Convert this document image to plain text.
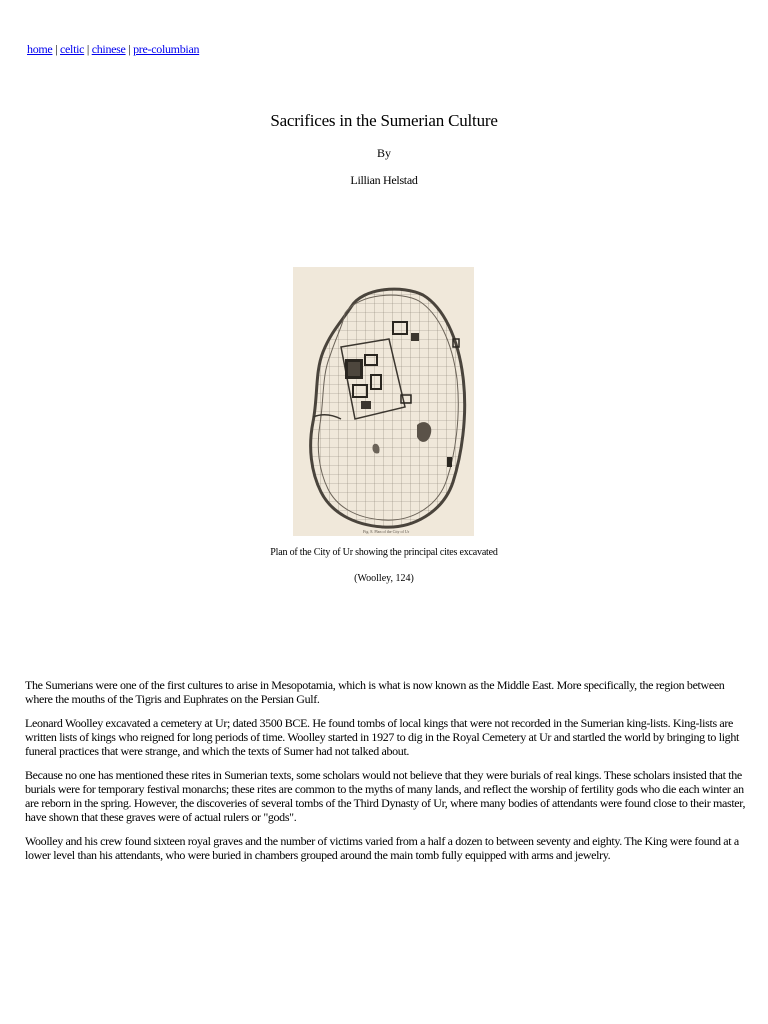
home | celtic | chinese | pre-columbian
Sacrifices in the Sumerian Culture
By
Lillian Helstad
Fig. 8. Plan of the City of Ur
Plan of the City of Ur showing the principal cites excavated
(Woolley, 124)

The Sumerians were one of the first cultures to arise in Mesopotamia, which is what is now known as the Middle East. More specifically, the region between where the mouths of the Tigris and Euphrates on the Persian Gulf.

Leonard Woolley excavated a cemetery at Ur; dated 3500 BCE. He found tombs of local kings that were not recorded in the Sumerian king-lists. King-lists are written lists of kings who reigned for long periods of time. Woolley started in 1927 to dig in the Royal Cemetery at Ur and startled the world by bringing to light funeral practices that were strange, and which the texts of Sumer had not talked about.

Because no one has mentioned these rites in Sumerian texts, some scholars would not believe that they were burials of real kings. These scholars insisted that the burials were for temporary festival monarchs; these rites are common to the myths of many lands, and reflect the worship of fertility gods who die each winter an are reborn in the spring. However, the discoveries of several tombs of the Third Dynasty of Ur, where many bodies of attendants were found close to their master, have shown that these graves were of actual rulers or "gods".

Woolley and his crew found sixteen royal graves and the number of victims varied from a half a dozen to between seventy and eighty. The King were found at a lower level than his attendants, who were buried in chambers grouped around the main tomb fully equipped with arms and jewelry.
